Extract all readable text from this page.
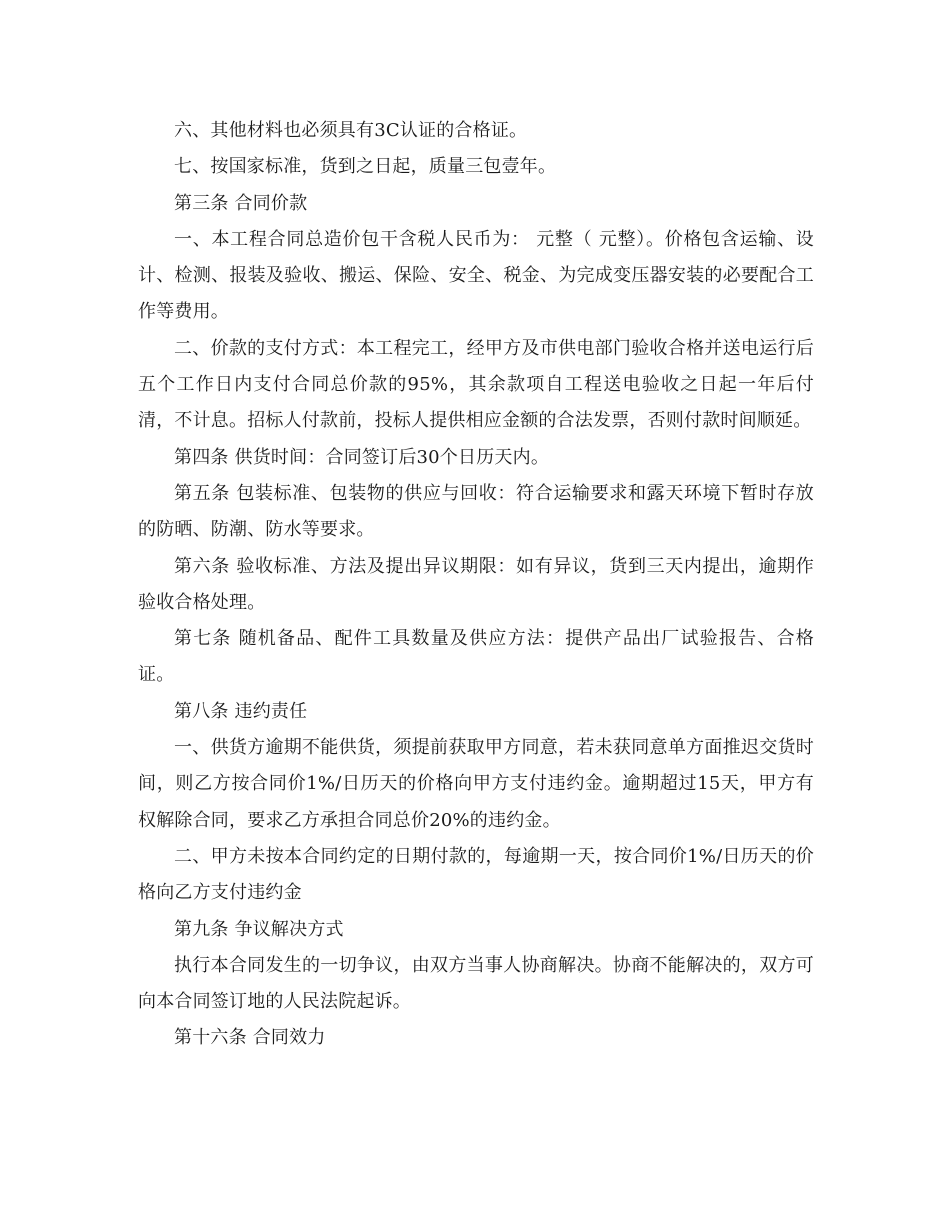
六、其他材料也必须具有3C认证的合格证。

七、按国家标准，货到之日起，质量三包壹年。

第三条 合同价款

一、本工程合同总造价包干含税人民币为： 元整（ 元整）。价格包含运输、设计、检测、报装及验收、搬运、保险、安全、税金、为完成变压器安装的必要配合工作等费用。

二、价款的支付方式：本工程完工，经甲方及市供电部门验收合格并送电运行后五个工作日内支付合同总价款的95%，其余款项自工程送电验收之日起一年后付清，不计息。招标人付款前，投标人提供相应金额的合法发票，否则付款时间顺延。

第四条 供货时间：合同签订后30个日历天内。

第五条 包装标准、包装物的供应与回收：符合运输要求和露天环境下暂时存放的防晒、防潮、防水等要求。

第六条 验收标准、方法及提出异议期限：如有异议，货到三天内提出，逾期作验收合格处理。

第七条 随机备品、配件工具数量及供应方法：提供产品出厂试验报告、合格证。

第八条 违约责任

一、供货方逾期不能供货，须提前获取甲方同意，若未获同意单方面推迟交货时间，则乙方按合同价1%/日历天的价格向甲方支付违约金。逾期超过15天，甲方有权解除合同，要求乙方承担合同总价20%的违约金。

二、甲方未按本合同约定的日期付款的，每逾期一天，按合同价1%/日历天的价格向乙方支付违约金

第九条 争议解决方式

执行本合同发生的一切争议，由双方当事人协商解决。协商不能解决的，双方可向本合同签订地的人民法院起诉。

第十六条 合同效力
